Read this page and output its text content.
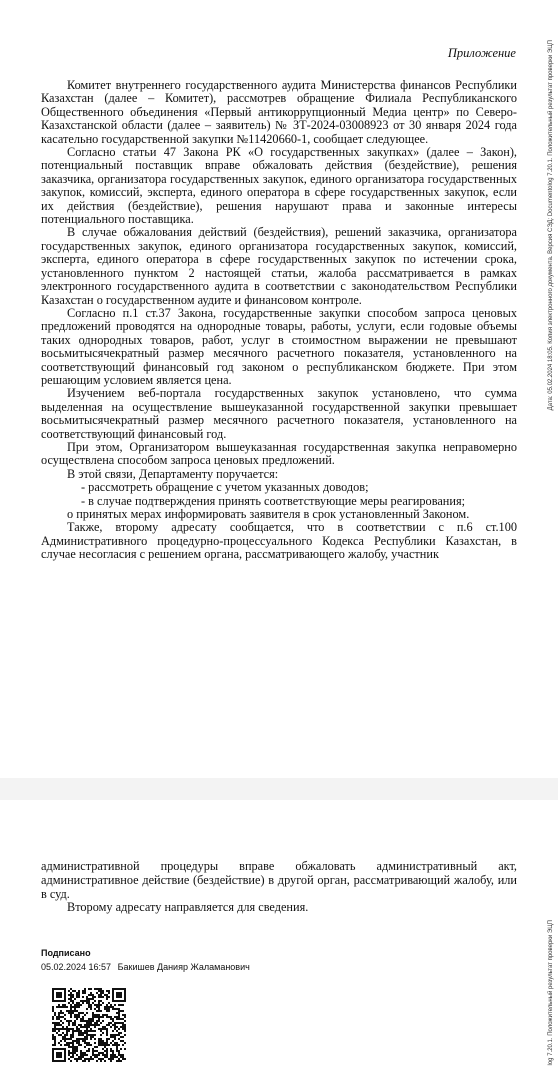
Приложение

Комитет внутреннего государственного аудита Министерства финансов Республики Казахстан (далее – Комитет), рассмотрев обращение Филиала Республиканского Общественного объединения «Первый антикоррупционный Медиа центр» по Северо-Казахстанской области (далее – заявитель) № ЗТ-2024-03008923 от 30 января 2024 года касательно государственной закупки №11420660-1, сообщает следующее.

Согласно статьи 47 Закона РК «О государственных закупках» (далее – Закон), потенциальный поставщик вправе обжаловать действия (бездействие), решения заказчика, организатора государственных закупок, единого организатора государственных закупок, комиссий, эксперта, единого оператора в сфере государственных закупок, если их действия (бездействие), решения нарушают права и законные интересы потенциального поставщика.

В случае обжалования действий (бездействия), решений заказчика, организатора государственных закупок, единого организатора государственных закупок, комиссий, эксперта, единого оператора в сфере государственных закупок по истечении срока, установленного пунктом 2 настоящей статьи, жалоба рассматривается в рамках электронного государственного аудита в соответствии с законодательством Республики Казахстан о государственном аудите и финансовом контроле.

Согласно п.1 ст.37 Закона, государственные закупки способом запроса ценовых предложений проводятся на однородные товары, работы, услуги, если годовые объемы таких однородных товаров, работ, услуг в стоимостном выражении не превышают восьмитысячекратный размер месячного расчетного показателя, установленного на соответствующий финансовый год законом о республиканском бюджете. При этом решающим условием является цена.

Изучением веб-портала государственных закупок установлено, что сумма выделенная на осуществление вышеуказанной государственной закупки превышает восьмитысячекратный размер месячного расчетного показателя, установленного на соответствующий финансовый год.

При этом, Организатором вышеуказанная государственная закупка неправомерно осуществлена способом запроса ценовых предложений.

В этой связи, Департаменту поручается:

- рассмотреть обращение с учетом указанных доводов;

- в случае подтверждения принять соответствующие меры реагирования;

о принятых мерах информировать заявителя в срок установленный Законом.

Также, второму адресату сообщается, что в соответствии с п.6 ст.100 Административного процедурно-процессуального Кодекса Республики Казахстан, в случае несогласия с решением органа, рассматривающего жалобу, участник

Дата: 05.02.2024 18:05. Копия электронного документа. Версия СЭД: Documentolog 7.20.1. Положительный результат проверки ЭЦП

административной процедуры вправе обжаловать административный акт, административное действие (бездействие) в другой орган, рассматривающий жалобу, или в суд.

Второму адресату направляется для сведения.

Подписано
05.02.2024 16:57 Бакишев Данияр Жаламанович	log 7.20.1. Положительный результат проверки ЭЦП
